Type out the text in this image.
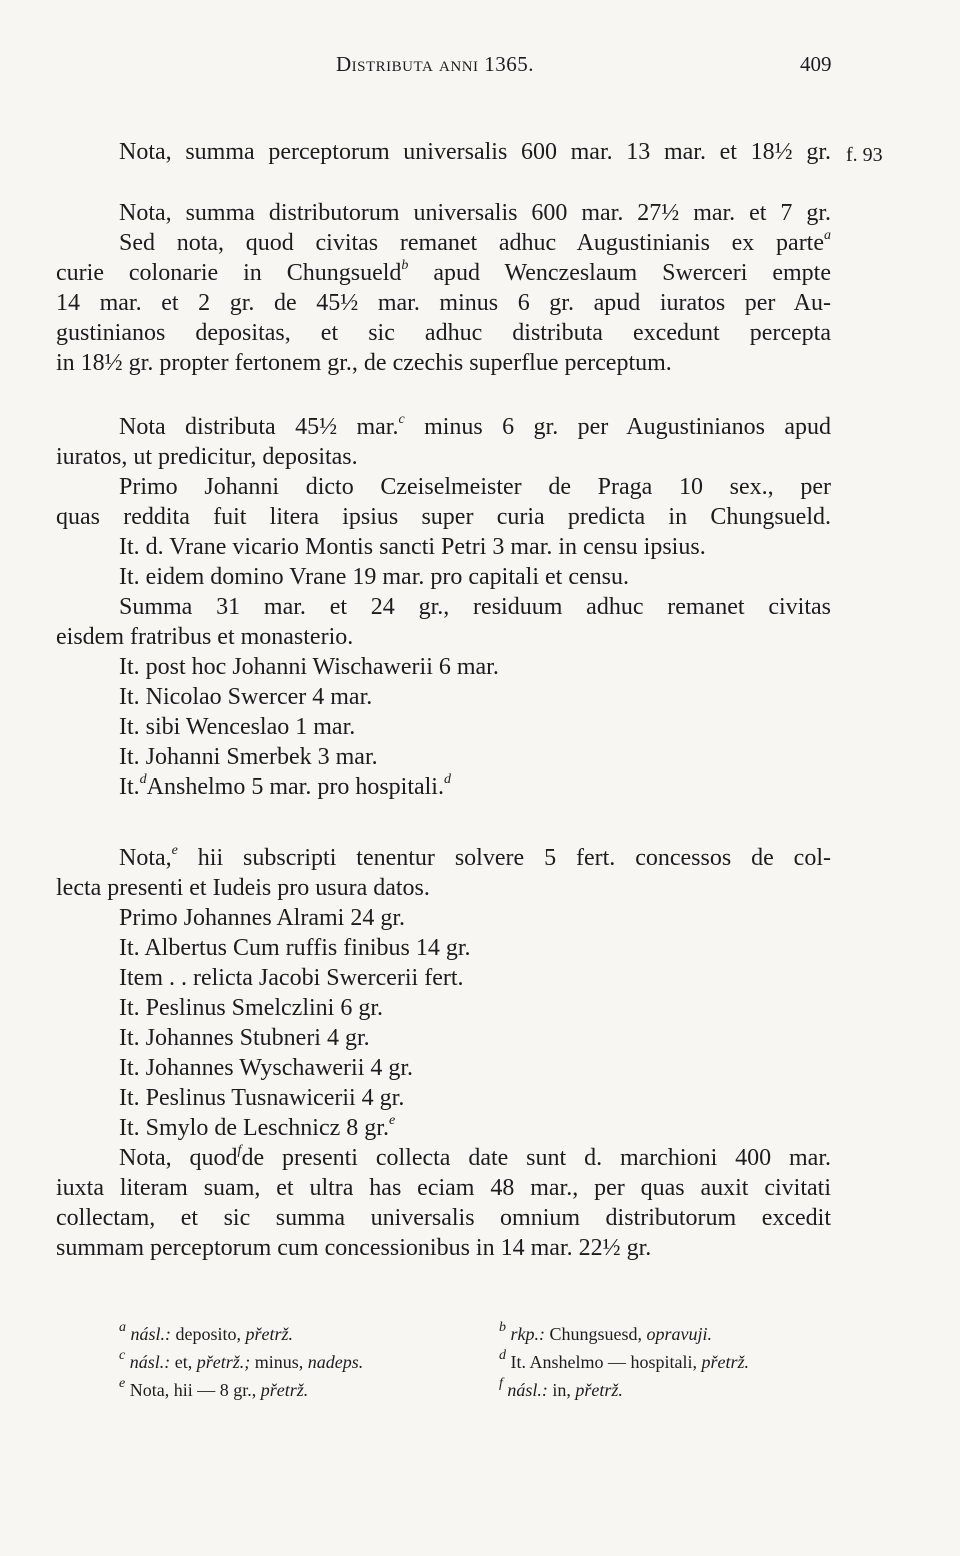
Distributa anni 1365.	409
f. 93
Nota, summa perceptorum universalis 600 mar. 13 mar. et 18½ gr.
Nota, summa distributorum universalis 600 mar. 27½ mar. et 7 gr.
Sed nota, quod civitas remanet adhuc Augustinianis ex parte$^a$
curie colonarie in Chungsueld$^b$ apud Wenczeslaum Swerceri empte
14 mar. et 2 gr. de 45½ mar. minus 6 gr. apud iuratos per Au-
gustinianos depositas, et sic adhuc distributa excedunt percepta
in 18½ gr. propter fertonem gr., de czechis superflue perceptum.
Nota distributa 45½ mar.$^c$ minus 6 gr. per Augustinianos apud
iuratos, ut predicitur, depositas.
Primo Johanni dicto Czeiselmeister de Praga 10 sex., per
quas reddita fuit litera ipsius super curia predicta in Chungsueld.
It. d. Vrane vicario Montis sancti Petri 3 mar. in censu ipsius.
It. eidem domino Vrane 19 mar. pro capitali et censu.
Summa 31 mar. et 24 gr., residuum adhuc remanet civitas
eisdem fratribus et monasterio.
It. post hoc Johanni Wischawerii 6 mar.
It. Nicolao Swercer 4 mar.
It. sibi Wenceslao 1 mar.
It. Johanni Smerbek 3 mar.
It.$^d$Anshelmo 5 mar. pro hospitali.$^d$
Nota,$^e$ hii subscripti tenentur solvere 5 fert. concessos de col-
lecta presenti et Iudeis pro usura datos.
Primo Johannes Alrami 24 gr.
It. Albertus Cum ruffis finibus 14 gr.
Item . . relicta Jacobi Swercerii fert.
It. Peslinus Smelczlini 6 gr.
It. Johannes Stubneri 4 gr.
It. Johannes Wyschawerii 4 gr.
It. Peslinus Tusnawicerii 4 gr.
It. Smylo de Leschnicz 8 gr.$^e$
Nota, quod$^f$de presenti collecta date sunt d. marchioni 400 mar.
iuxta literam suam, et ultra has eciam 48 mar., per quas auxit civitati
collectam, et sic summa universalis omnium distributorum excedit
summam perceptorum cum concessionibus in 14 mar. 22½ gr.
$^a$ násl.: deposito, přetrž.	$^b$ rkp.: Chungsuesd, opravuji.
$^c$ násl.: et, přetrž.; minus, nadeps.	$^d$ It. Anshelmo — hospitali, přetrž.
$^e$ Nota, hii — 8 gr., přetrž.	$^f$ násl.: in, přetrž.
